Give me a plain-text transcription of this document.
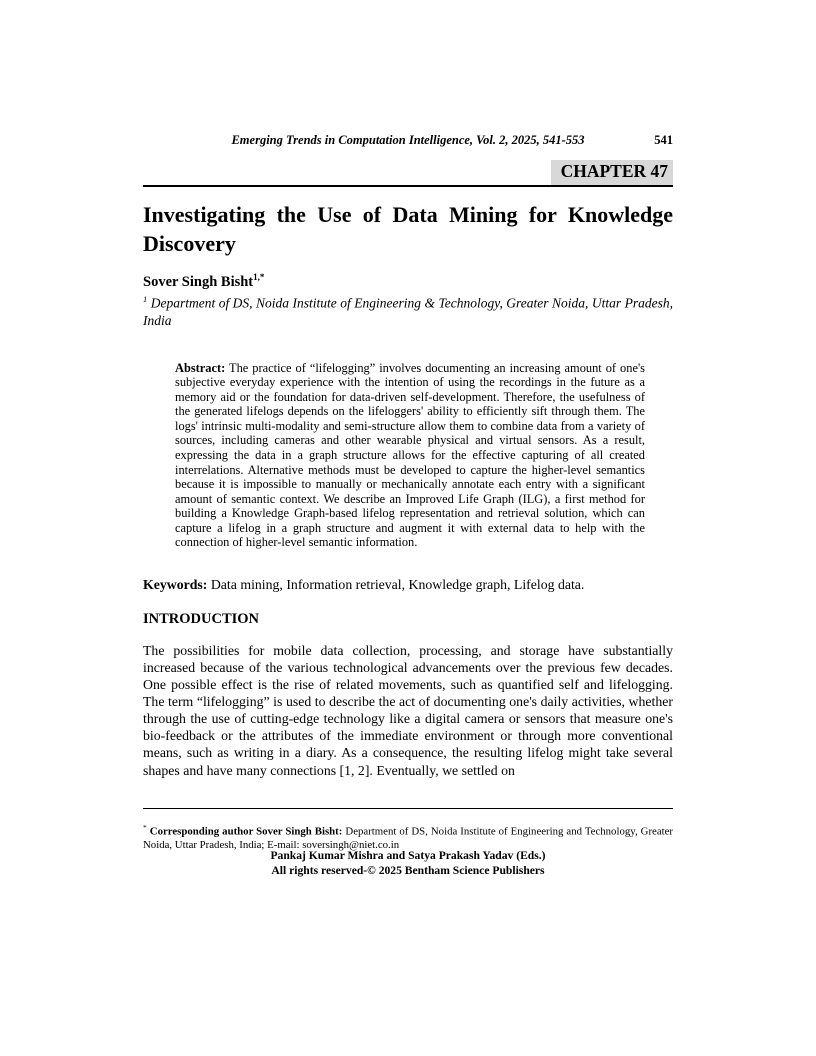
Emerging Trends in Computation Intelligence, Vol. 2, 2025, 541-553	541
CHAPTER 47
Investigating the Use of Data Mining for Knowledge Discovery

Sover Singh Bisht$^{1,*}$

$^1$ Department of DS, Noida Institute of Engineering & Technology, Greater Noida, Uttar Pradesh, India

Abstract: The practice of “lifelogging” involves documenting an increasing amount of one's subjective everyday experience with the intention of using the recordings in the future as a memory aid or the foundation for data-driven self-development. Therefore, the usefulness of the generated lifelogs depends on the lifeloggers' ability to efficiently sift through them. The logs' intrinsic multi-modality and semi-structure allow them to combine data from a variety of sources, including cameras and other wearable physical and virtual sensors. As a result, expressing the data in a graph structure allows for the effective capturing of all created interrelations. Alternative methods must be developed to capture the higher-level semantics because it is impossible to manually or mechanically annotate each entry with a significant amount of semantic context. We describe an Improved Life Graph (ILG), a first method for building a Knowledge Graph-based lifelog representation and retrieval solution, which can capture a lifelog in a graph structure and augment it with external data to help with the connection of higher-level semantic information.

Keywords: Data mining, Information retrieval, Knowledge graph, Lifelog data.

INTRODUCTION

The possibilities for mobile data collection, processing, and storage have substantially increased because of the various technological advancements over the previous few decades. One possible effect is the rise of related movements, such as quantified self and lifelogging. The term “lifelogging” is used to describe the act of documenting one's daily activities, whether through the use of cutting-edge technology like a digital camera or sensors that measure one's bio-feedback or the attributes of the immediate environment or through more conventional means, such as writing in a diary. As a consequence, the resulting lifelog might take several shapes and have many connections [1, 2]. Eventually, we settled on

* Corresponding author Sover Singh Bisht: Department of DS, Noida Institute of Engineering and Technology, Greater Noida, Uttar Pradesh, India; E-mail: soversingh@niet.co.in

Pankaj Kumar Mishra and Satya Prakash Yadav (Eds.)
All rights reserved-© 2025 Bentham Science Publishers
